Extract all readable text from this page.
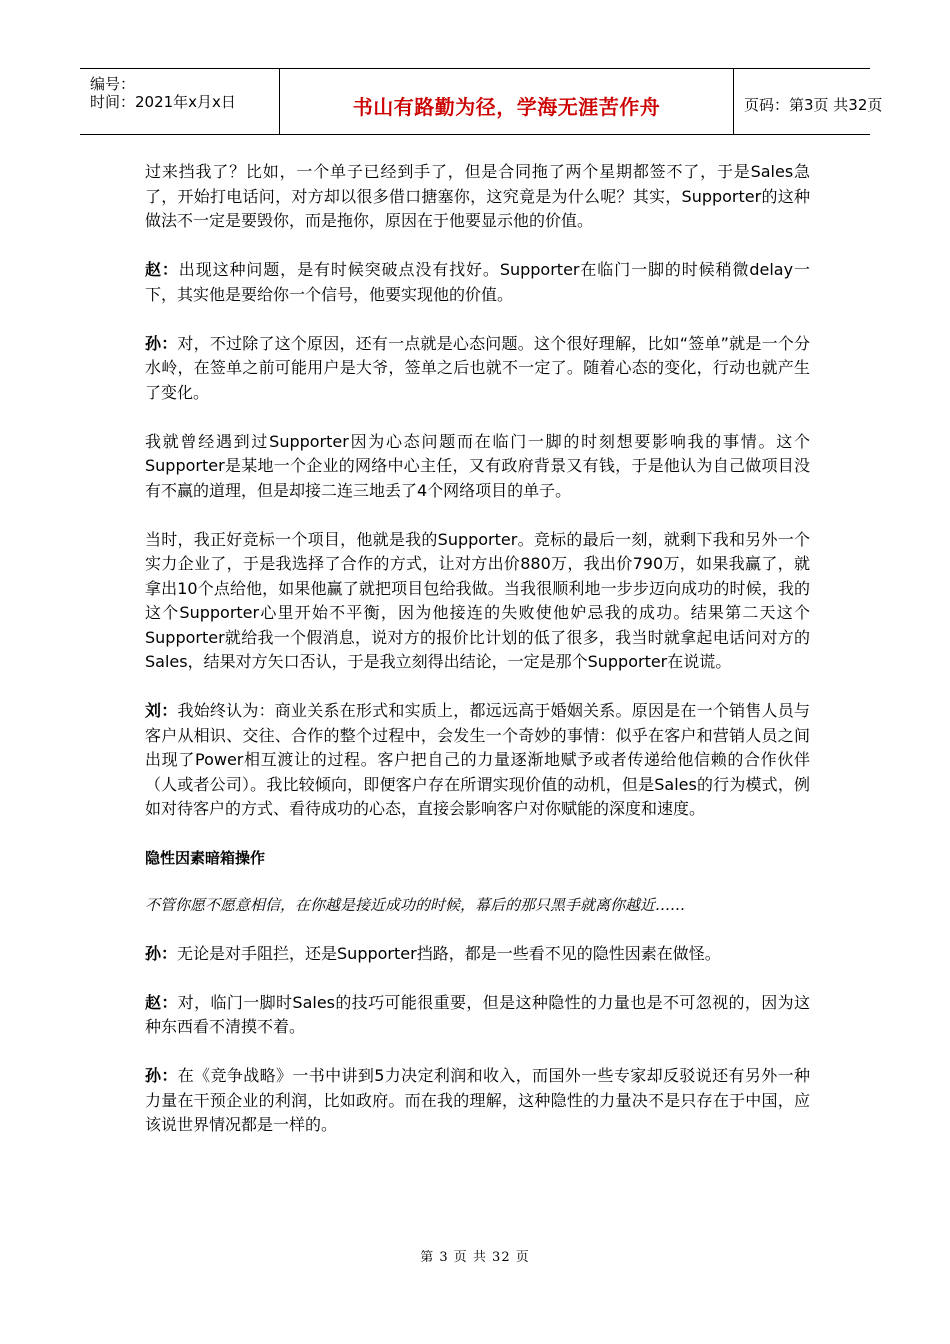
编号：
时间：2021年x月x日	书山有路勤为径，学海无涯苦作舟	页码：第3页 共32页

过来挡我了？比如，一个单子已经到手了，但是合同拖了两个星期都签不了，于是Sales急了，开始打电话问，对方却以很多借口搪塞你，这究竟是为什么呢？其实，Supporter的这种做法不一定是要毁你，而是拖你，原因在于他要显示他的价值。

赵：出现这种问题，是有时候突破点没有找好。Supporter在临门一脚的时候稍微delay一下，其实他是要给你一个信号，他要实现他的价值。

孙：对，不过除了这个原因，还有一点就是心态问题。这个很好理解，比如“签单”就是一个分水岭，在签单之前可能用户是大爷，签单之后也就不一定了。随着心态的变化，行动也就产生了变化。

我就曾经遇到过Supporter因为心态问题而在临门一脚的时刻想要影响我的事情。这个Supporter是某地一个企业的网络中心主任，又有政府背景又有钱，于是他认为自己做项目没有不赢的道理，但是却接二连三地丢了4个网络项目的单子。

当时，我正好竞标一个项目，他就是我的Supporter。竞标的最后一刻，就剩下我和另外一个实力企业了，于是我选择了合作的方式，让对方出价880万，我出价790万，如果我赢了，就拿出10个点给他，如果他赢了就把项目包给我做。当我很顺利地一步步迈向成功的时候，我的这个Supporter心里开始不平衡，因为他接连的失败使他妒忌我的成功。结果第二天这个Supporter就给我一个假消息，说对方的报价比计划的低了很多，我当时就拿起电话问对方的Sales，结果对方矢口否认，于是我立刻得出结论，一定是那个Supporter在说谎。

刘：我始终认为：商业关系在形式和实质上，都远远高于婚姻关系。原因是在一个销售人员与客户从相识、交往、合作的整个过程中，会发生一个奇妙的事情：似乎在客户和营销人员之间出现了Power相互渡让的过程。客户把自己的力量逐渐地赋予或者传递给他信赖的合作伙伴（人或者公司）。我比较倾向，即便客户存在所谓实现价值的动机，但是Sales的行为模式，例如对待客户的方式、看待成功的心态，直接会影响客户对你赋能的深度和速度。

隐性因素暗箱操作

不管你愿不愿意相信，在你越是接近成功的时候，幕后的那只黑手就离你越近……

孙：无论是对手阻拦，还是Supporter挡路，都是一些看不见的隐性因素在做怪。

赵：对，临门一脚时Sales的技巧可能很重要，但是这种隐性的力量也是不可忽视的，因为这种东西看不清摸不着。

孙：在《竞争战略》一书中讲到5力决定利润和收入，而国外一些专家却反驳说还有另外一种力量在干预企业的利润，比如政府。而在我的理解，这种隐性的力量决不是只存在于中国，应该说世界情况都是一样的。

第 3 页 共 32 页
